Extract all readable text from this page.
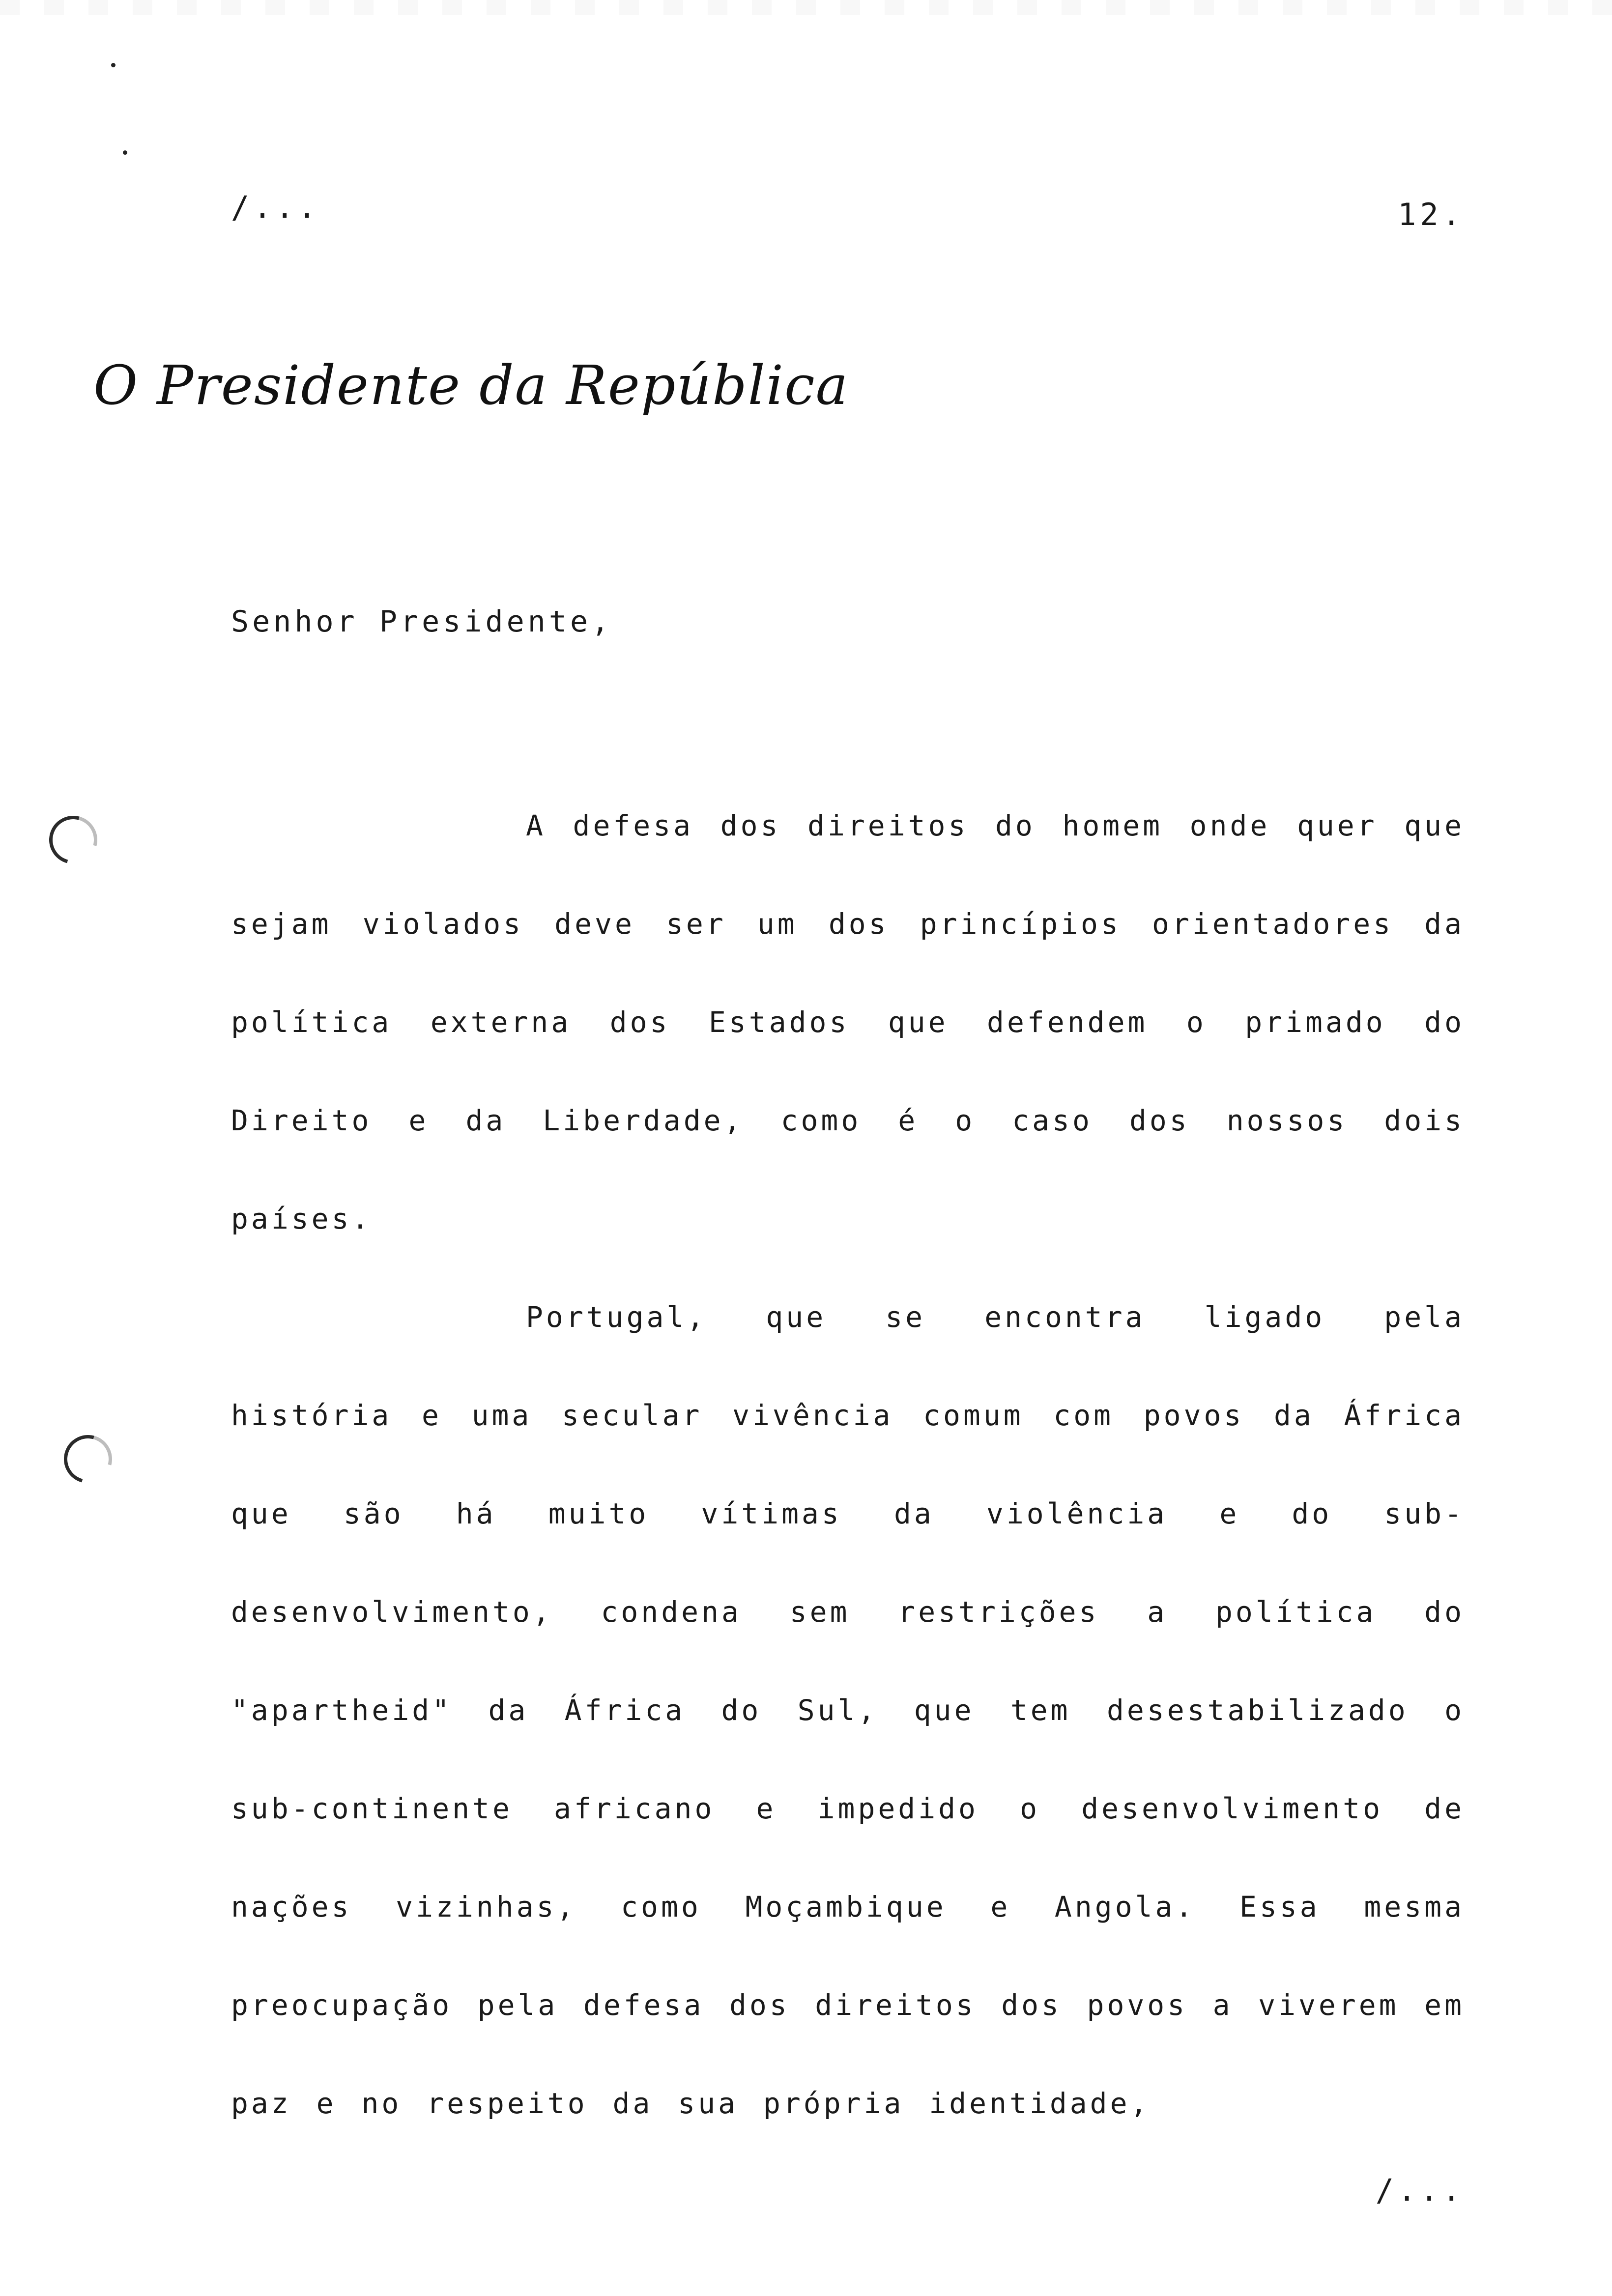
/...	12.
O Presidente da República
Senhor Presidente,
A defesa dos direitos do homem onde quer que sejam violados deve ser um dos princípios orientadores da política externa dos Estados que defendem o primado do Direito e da Liberdade, como é o caso dos nossos dois países.
Portugal, que se encontra ligado pela história e uma secular vivência comum com povos da África que são há muito vítimas da violência e do sub-desenvolvimento, condena sem restrições a política do "apartheid" da África do Sul, que tem desestabilizado o sub-continente africano e impedido o desenvolvimento de nações vizinhas, como Moçambique e Angola. Essa mesma preocupação pela defesa dos direitos dos povos a viverem em paz e no respeito da sua própria identidade,
/...
